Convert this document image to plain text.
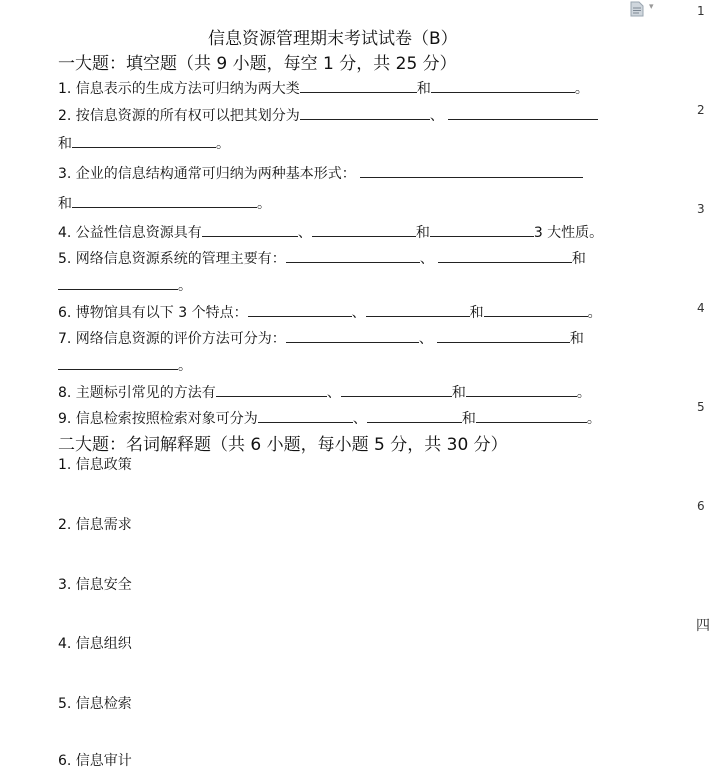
信息资源管理期末考试试卷（B）
一大题：填空题（共 9 小题，每空 1 分，共 25 分）
1. 信息表示的生成方法可归纳为两大类	和	。
2. 按信息资源的所有权可以把其划分为	、
和	。
3. 企业的信息结构通常可归纳为两种基本形式：
和	。
4. 公益性信息资源具有	、	和	3 大性质。
5. 网络信息资源系统的管理主要有：	、	和
。
6. 博物馆具有以下 3 个特点：	、	和	。
7. 网络信息资源的评价方法可分为：	、	和
。
8. 主题标引常见的方法有	、	和	。
9. 信息检索按照检索对象可分为	、	和	。
二大题：名词解释题（共 6 小题，每小题 5 分，共 30 分）
1. 信息政策
2. 信息需求
3. 信息安全
4. 信息组织
5. 信息检索
6. 信息审计
▾	1
2
3
4
5
6
四
